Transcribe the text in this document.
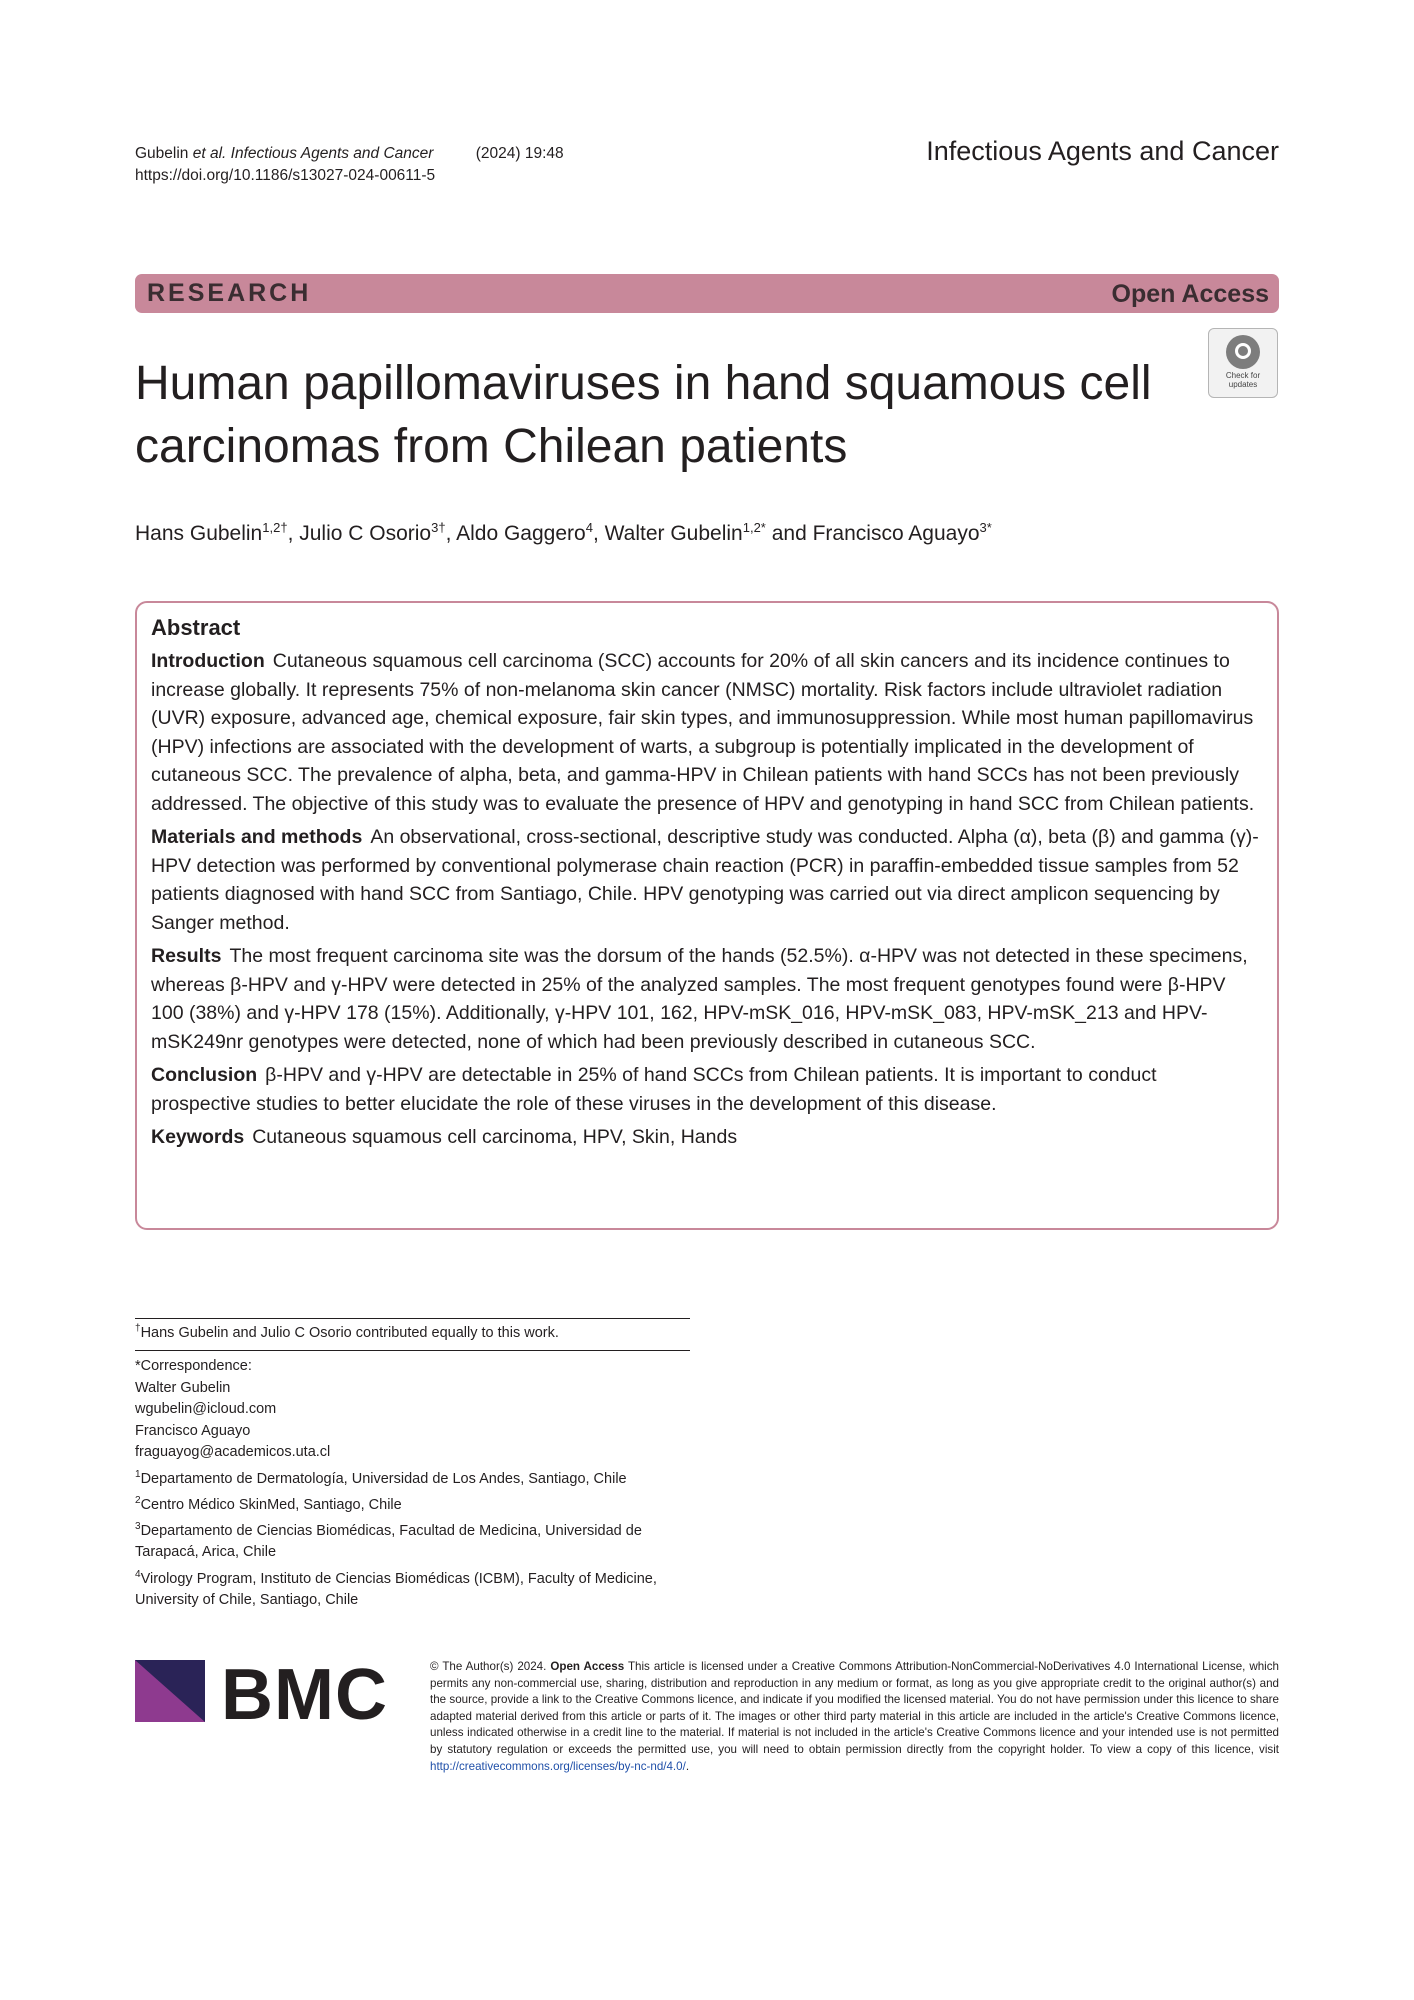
Gubelin et al. Infectious Agents and Cancer	(2024) 19:48
https://doi.org/10.1186/s13027-024-00611-5
Infectious Agents and Cancer
RESEARCH	Open Access
Human papillomaviruses in hand squamous cell carcinomas from Chilean patients
Check for
updates
Hans Gubelin$^{1,2\dagger}$, Julio C Osorio$^{3\dagger}$, Aldo Gaggero$^4$, Walter Gubelin$^{1,2*}$ and Francisco Aguayo$^{3*}$
Abstract

Introduction Cutaneous squamous cell carcinoma (SCC) accounts for 20% of all skin cancers and its incidence continues to increase globally. It represents 75% of non-melanoma skin cancer (NMSC) mortality. Risk factors include ultraviolet radiation (UVR) exposure, advanced age, chemical exposure, fair skin types, and immunosuppression. While most human papillomavirus (HPV) infections are associated with the development of warts, a subgroup is potentially implicated in the development of cutaneous SCC. The prevalence of alpha, beta, and gamma-HPV in Chilean patients with hand SCCs has not been previously addressed. The objective of this study was to evaluate the presence of HPV and genotyping in hand SCC from Chilean patients.

Materials and methods An observational, cross-sectional, descriptive study was conducted. Alpha (α), beta (β) and gamma (γ)-HPV detection was performed by conventional polymerase chain reaction (PCR) in paraffin-embedded tissue samples from 52 patients diagnosed with hand SCC from Santiago, Chile. HPV genotyping was carried out via direct amplicon sequencing by Sanger method.

Results The most frequent carcinoma site was the dorsum of the hands (52.5%). α-HPV was not detected in these specimens, whereas β-HPV and γ-HPV were detected in 25% of the analyzed samples. The most frequent genotypes found were β-HPV 100 (38%) and γ-HPV 178 (15%). Additionally, γ-HPV 101, 162, HPV-mSK_016, HPV-mSK_083, HPV-mSK_213 and HPV-mSK249nr genotypes were detected, none of which had been previously described in cutaneous SCC.

Conclusion β-HPV and γ-HPV are detectable in 25% of hand SCCs from Chilean patients. It is important to conduct prospective studies to better elucidate the role of these viruses in the development of this disease.

Keywords Cutaneous squamous cell carcinoma, HPV, Skin, Hands

†Hans Gubelin and Julio C Osorio contributed equally to this work.
*Correspondence:
Walter Gubelin
wgubelin@icloud.com
Francisco Aguayo
fraguayog@academicos.uta.cl
$^1$Departamento de Dermatología, Universidad de Los Andes, Santiago, Chile
$^2$Centro Médico SkinMed, Santiago, Chile
$^3$Departamento de Ciencias Biomédicas, Facultad de Medicina, Universidad de Tarapacá, Arica, Chile
$^4$Virology Program, Instituto de Ciencias Biomédicas (ICBM), Faculty of Medicine, University of Chile, Santiago, Chile
BMC	© The Author(s) 2024. Open Access This article is licensed under a Creative Commons Attribution-NonCommercial-NoDerivatives 4.0 International License, which permits any non-commercial use, sharing, distribution and reproduction in any medium or format, as long as you give appropriate credit to the original author(s) and the source, provide a link to the Creative Commons licence, and indicate if you modified the licensed material. You do not have permission under this licence to share adapted material derived from this article or parts of it. The images or other third party material in this article are included in the article's Creative Commons licence, unless indicated otherwise in a credit line to the material. If material is not included in the article's Creative Commons licence and your intended use is not permitted by statutory regulation or exceeds the permitted use, you will need to obtain permission directly from the copyright holder. To view a copy of this licence, visit http://creativecommons.org/licenses/by-nc-nd/4.0/.
